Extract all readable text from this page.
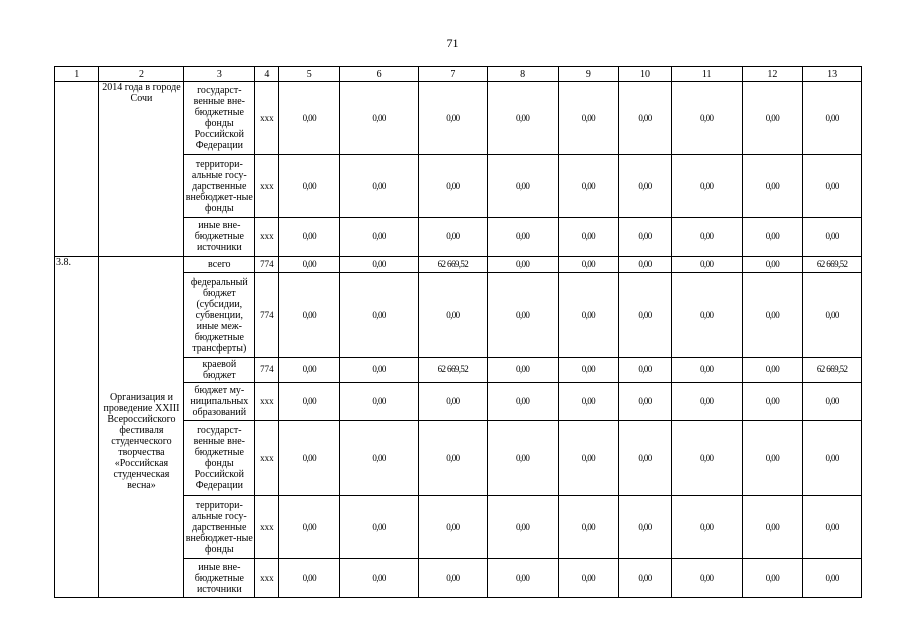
71
1	2	3	4	5	6	7	8	9	10	11	12	13
	2014 года в городе Сочи	государст-венные вне-бюджетные фонды Российской Федерации	ххх	0,00	0,00	0,00	0,00	0,00	0,00	0,00	0,00	0,00
		территори-альные госу-дарственные внебюджет-ные фонды	ххх	0,00	0,00	0,00	0,00	0,00	0,00	0,00	0,00	0,00
		иные вне-бюджетные источники	ххх	0,00	0,00	0,00	0,00	0,00	0,00	0,00	0,00	0,00
3.8.	Организация и проведение XXIII Всероссийского фестиваля студенческого творчества «Российская студенческая весна»	всего	774	0,00	0,00	62 669,52	0,00	0,00	0,00	0,00	0,00	62 669,52
		федеральный бюджет (субсидии, субвенции, иные меж-бюджетные трансферты)	774	0,00	0,00	0,00	0,00	0,00	0,00	0,00	0,00	0,00
		краевой бюджет	774	0,00	0,00	62 669,52	0,00	0,00	0,00	0,00	0,00	62 669,52
		бюджет му-ниципальных образований	ххх	0,00	0,00	0,00	0,00	0,00	0,00	0,00	0,00	0,00
		государст-венные вне-бюджетные фонды Российской Федерации	ххх	0,00	0,00	0,00	0,00	0,00	0,00	0,00	0,00	0,00
		территори-альные госу-дарственные внебюджет-ные фонды	ххх	0,00	0,00	0,00	0,00	0,00	0,00	0,00	0,00	0,00
		иные вне-бюджетные источники	ххх	0,00	0,00	0,00	0,00	0,00	0,00	0,00	0,00	0,00
